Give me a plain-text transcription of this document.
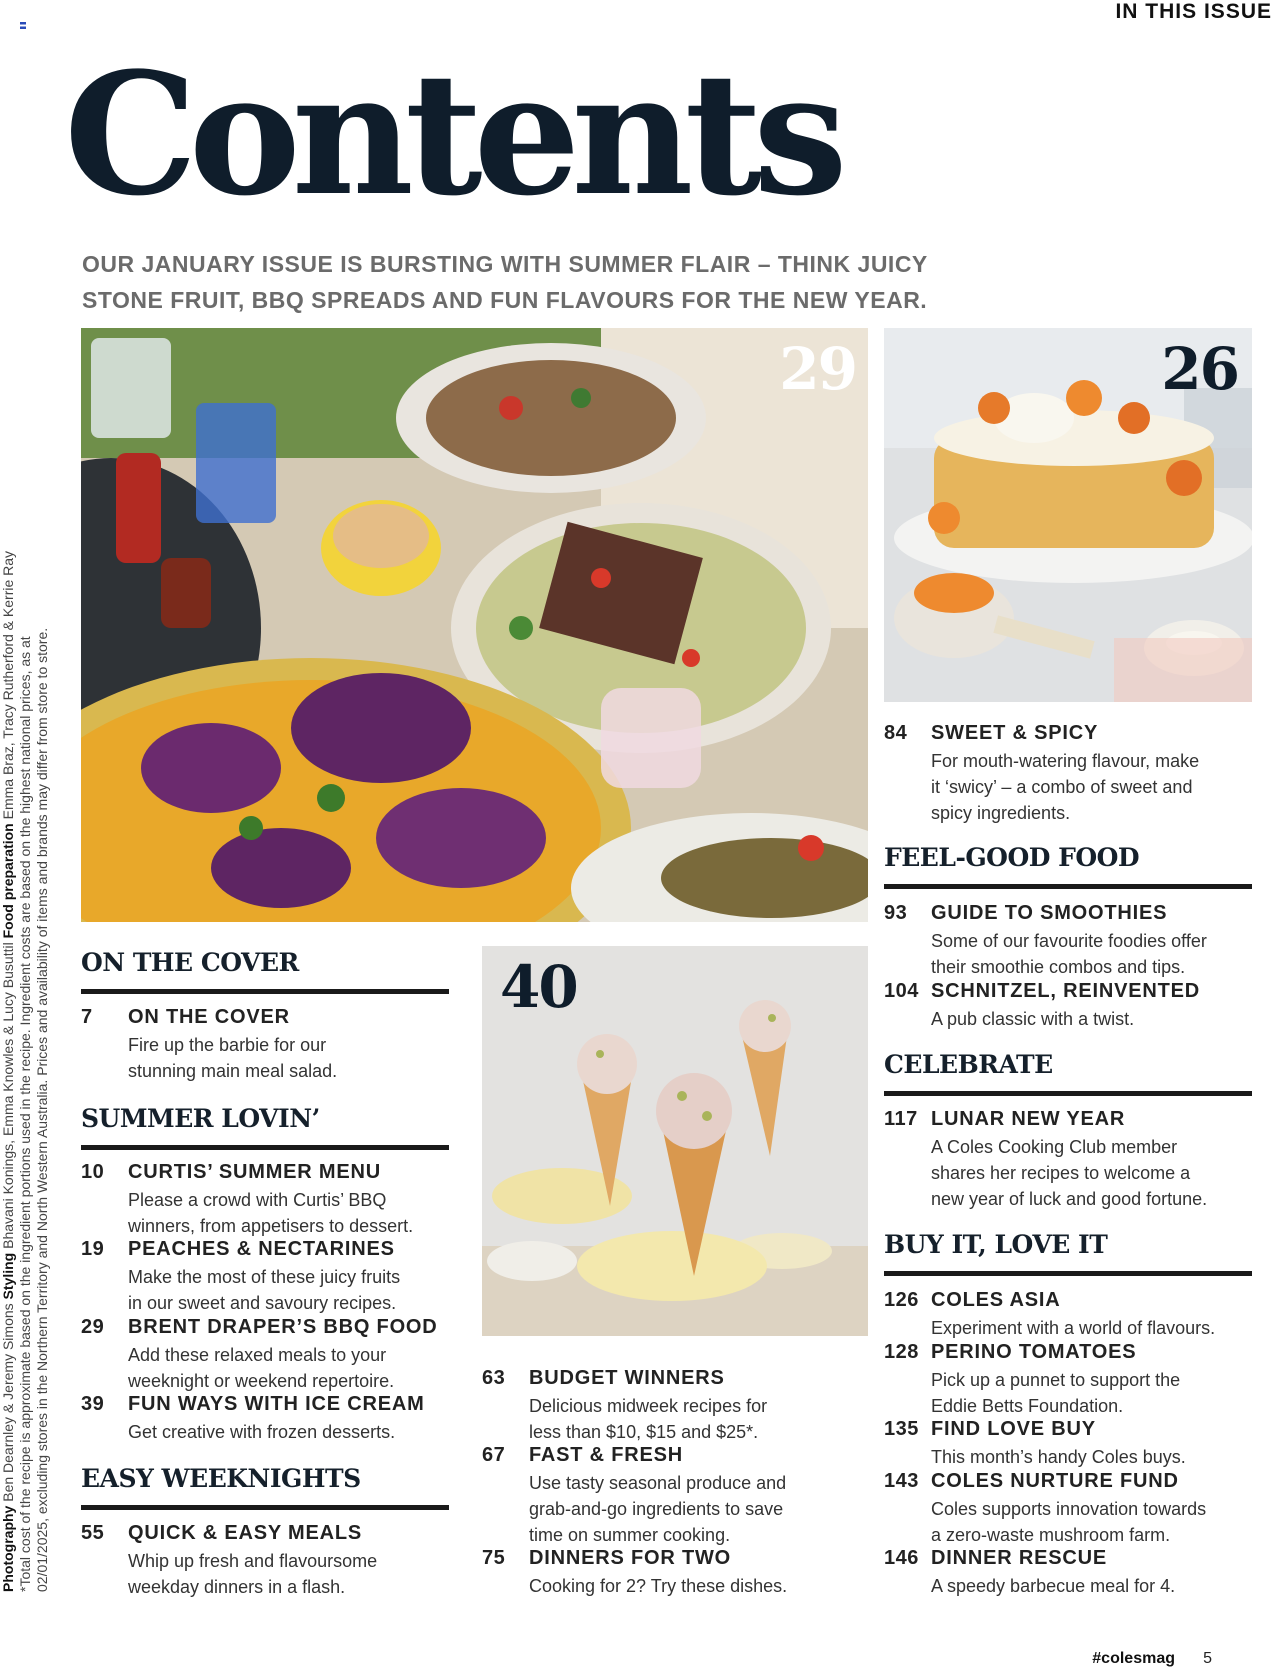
IN THIS ISSUE
Contents

OUR JANUARY ISSUE IS BURSTING WITH SUMMER FLAIR – THINK JUICY

STONE FRUIT, BBQ SPREADS AND FUN FLAVOURS FOR THE NEW YEAR.

Photography Ben Dearnley & Jeremy Simons Styling Bhavani Konings, Emma Knowles & Lucy Busuttil Food preparation Emma Braz, Tracy Rutherford & Kerrie Ray *Total cost of the recipe is approximate based on the ingredient portions used in the recipe. Ingredient costs are based on the highest national prices, as at 02/01/2025, excluding stores in the Northern Territory and North Western Australia. Prices and availability of items and brands may differ from store to store.
29	26
40
ON THE COVER
7 ON THE COVER
Fire up the barbie for our
stunning main meal salad.
SUMMER LOVIN’
10 CURTIS’ SUMMER MENU
Please a crowd with Curtis’ BBQ
winners, from appetisers to dessert.
19 PEACHES & NECTARINES
Make the most of these juicy fruits
in our sweet and savoury recipes.
29 BRENT DRAPER’S BBQ FOOD
Add these relaxed meals to your
weeknight or weekend repertoire.
39 FUN WAYS WITH ICE CREAM
Get creative with frozen desserts.
EASY WEEKNIGHTS
55 QUICK & EASY MEALS
Whip up fresh and flavoursome
weekday dinners in a flash.
63 BUDGET WINNERS
Delicious midweek recipes for
less than $10, $15 and $25*.
67 FAST & FRESH
Use tasty seasonal produce and
grab-and-go ingredients to save
time on summer cooking.
75 DINNERS FOR TWO
Cooking for 2? Try these dishes.
84 SWEET & SPICY
For mouth-watering flavour, make
it ‘swicy’ – a combo of sweet and
spicy ingredients.
FEEL-GOOD FOOD
93 GUIDE TO SMOOTHIES
Some of our favourite foodies offer
their smoothie combos and tips.
104 SCHNITZEL, REINVENTED
A pub classic with a twist.
CELEBRATE
117 LUNAR NEW YEAR
A Coles Cooking Club member
shares her recipes to welcome a
new year of luck and good fortune.
BUY IT, LOVE IT
126 COLES ASIA
Experiment with a world of flavours.
128 PERINO TOMATOES
Pick up a punnet to support the
Eddie Betts Foundation.
135 FIND LOVE BUY
This month’s handy Coles buys.
143 COLES NURTURE FUND
Coles supports innovation towards
a zero-waste mushroom farm.
146 DINNER RESCUE
A speedy barbecue meal for 4.
#colesmag 5
